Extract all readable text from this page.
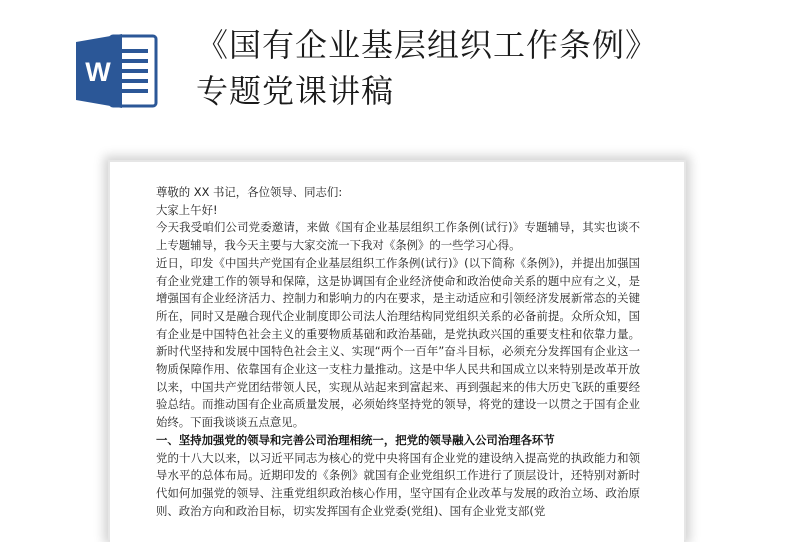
W
《国有企业基层组织工作条例》
专题党课讲稿

尊敬的 XX 书记，各位领导、同志们:

大家上午好!

今天我受咱们公司党委邀请，来做《国有企业基层组织工作条例(试行)》专题辅导，其实也谈不上专题辅导，我今天主要与大家交流一下我对《条例》的一些学习心得。

近日，印发《中国共产党国有企业基层组织工作条例(试行)》(以下简称《条例》)，并提出加强国有企业党建工作的领导和保障，这是协调国有企业经济使命和政治使命关系的题中应有之义，是增强国有企业经济活力、控制力和影响力的内在要求，是主动适应和引领经济发展新常态的关键所在，同时又是融合现代企业制度即公司法人治理结构同党组织关系的必备前提。众所众知，国有企业是中国特色社会主义的重要物质基础和政治基础，是党执政兴国的重要支柱和依靠力量。新时代坚持和发展中国特色社会主义、实现“两个一百年”奋斗目标，必须充分发挥国有企业这一物质保障作用、依靠国有企业这一支柱力量推动。这是中华人民共和国成立以来特别是改革开放以来，中国共产党团结带领人民，实现从站起来到富起来、再到强起来的伟大历史飞跃的重要经验总结。而推动国有企业高质量发展，必须始终坚持党的领导，将党的建设一以贯之于国有企业始终。下面我谈谈五点意见。

一、坚持加强党的领导和完善公司治理相统一，把党的领导融入公司治理各环节

党的十八大以来，以习近平同志为核心的党中央将国有企业党的建设纳入提高党的执政能力和领导水平的总体布局。近期印发的《条例》就国有企业党组织工作进行了顶层设计，还特别对新时代如何加强党的领导、注重党组织政治核心作用，坚守国有企业改革与发展的政治立场、政治原则、政治方向和政治目标，切实发挥国有企业党委(党组)、国有企业党支部(党
